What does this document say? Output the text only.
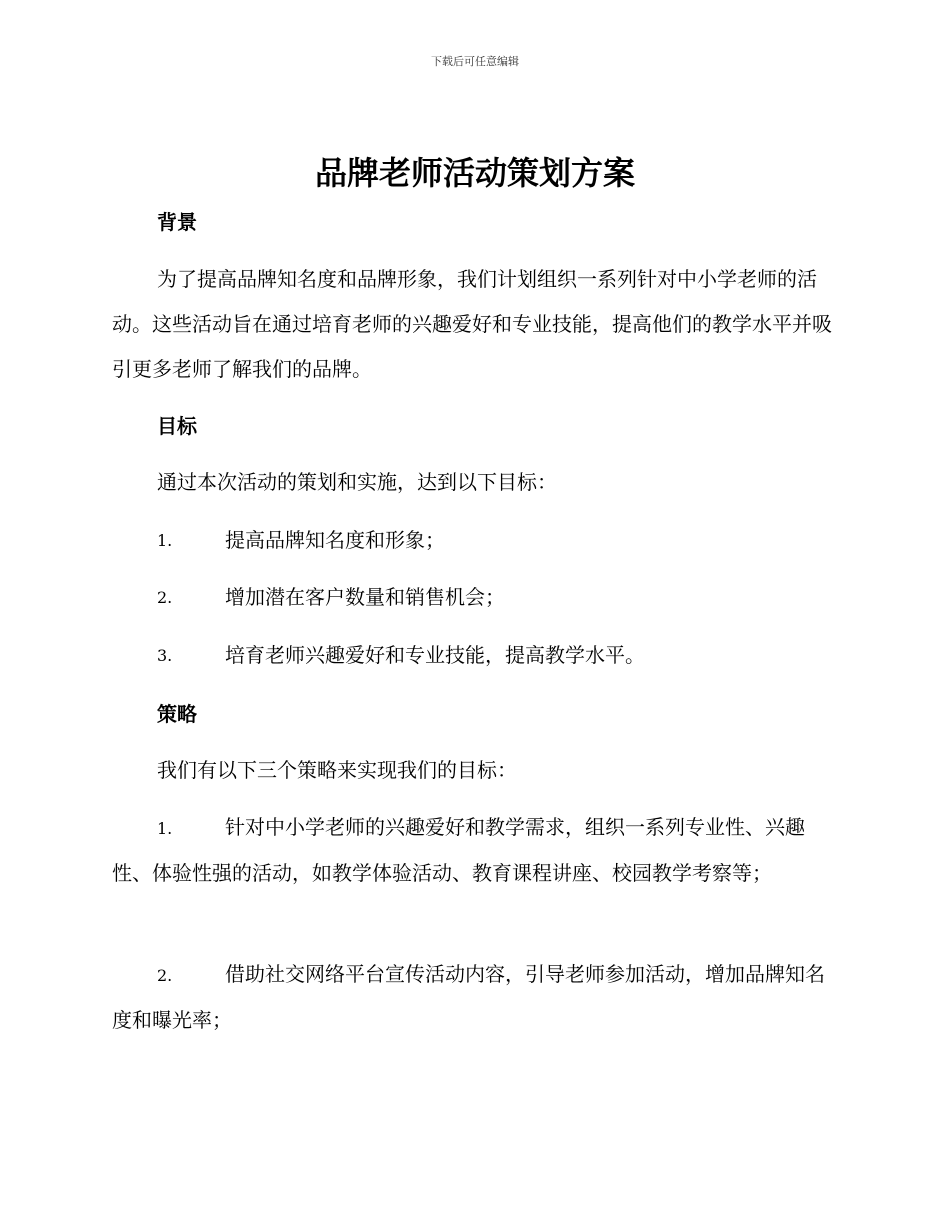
下载后可任意编辑
品牌老师活动策划方案
背景
为了提高品牌知名度和品牌形象，我们计划组织一系列针对中小学老师的活动。这些活动旨在通过培育老师的兴趣爱好和专业技能，提高他们的教学水平并吸引更多老师了解我们的品牌。
目标
通过本次活动的策划和实施，达到以下目标：
1.	提高品牌知名度和形象；
2.	增加潜在客户数量和销售机会；
3.	培育老师兴趣爱好和专业技能，提高教学水平。
策略
我们有以下三个策略来实现我们的目标：
1.	针对中小学老师的兴趣爱好和教学需求，组织一系列专业性、兴趣性、体验性强的活动，如教学体验活动、教育课程讲座、校园教学考察等；
2.	借助社交网络平台宣传活动内容，引导老师参加活动，增加品牌知名度和曝光率；
